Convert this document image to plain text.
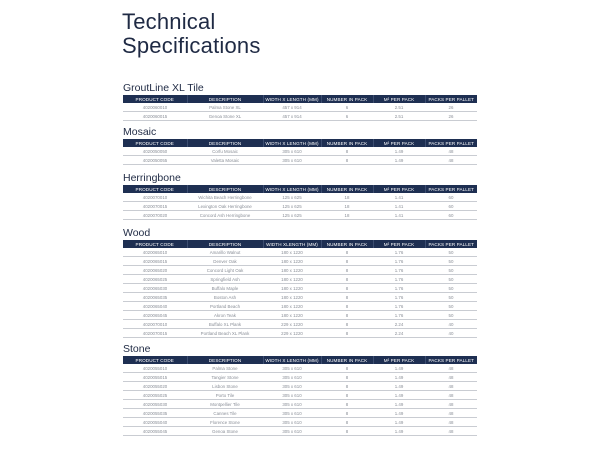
Technical
Specifications
GroutLine XL Tile
PRODUCT CODE	DESCRIPTION	WIDTH X LENGTH (MM)	NUMBER IN PACK	M² PER PACK	PACKS PER PALLET
4020060010	Palma Stone XL	457 x 914	6	2.51	26
4020060015	Genoa Stone XL	457 x 914	6	2.51	26
Mosaic
PRODUCT CODE	DESCRIPTION	WIDTH X LENGTH (MM)	NUMBER IN PACK	M² PER PACK	PACKS PER PALLET
4020050050	Corfu Mosaic	305 x 610	8	1.49	48
4020050055	Valetta Mosaic	305 x 610	8	1.49	48
Herringbone
PRODUCT CODE	DESCRIPTION	WIDTH X LENGTH (MM)	NUMBER IN PACK	M² PER PACK	PACKS PER PALLET
4020070010	Wichita Beach Herringbone	125 x 625	18	1.41	60
4020070015	Lexington Oak Herringbone	125 x 625	18	1.41	60
4020070020	Concord Ash Herringbone	125 x 625	18	1.41	60
Wood
PRODUCT CODE	DESCRIPTION	WIDTH XLENGTH (MM)	NUMBER IN PACK	M² PER PACK	PACKS PER PALLET
4020065010	Amarillo Walnut	180 x 1220	8	1.76	50
4020065015	Denver Oak	180 x 1220	8	1.76	50
4020065020	Concord Light Oak	180 x 1220	8	1.76	50
4020065025	Springfield Ash	180 x 1220	8	1.76	50
4020065030	Buffalo Maple	180 x 1220	8	1.76	50
4020065035	Boston Ash	180 x 1220	8	1.76	50
4020065040	Portland Beach	180 x 1220	8	1.76	50
4020065045	Akron Teak	180 x 1220	8	1.76	50
4020070010	Buffalo XL Plank	229 x 1220	8	2.24	40
4020070015	Portland Beach XL Plank	229 x 1220	8	2.24	40
Stone
PRODUCT CODE	DESCRIPTION	WIDTH X LENGTH (MM)	NUMBER IN PACK	M² PER PACK	PACKS PER PALLET
4020055010	Palma Stone	305 x 610	8	1.49	48
4020055015	Tangier Stone	305 x 610	8	1.49	48
4020055020	Lisbon Stone	305 x 610	8	1.49	48
4020055025	Porto Tile	305 x 610	8	1.49	48
4020055030	Montpellier Tile	305 x 610	8	1.49	48
4020055035	Cannes Tile	305 x 610	8	1.49	48
4020055040	Florence Stone	305 x 610	8	1.49	48
4020055045	Genoa Stone	305 x 610	8	1.49	48
